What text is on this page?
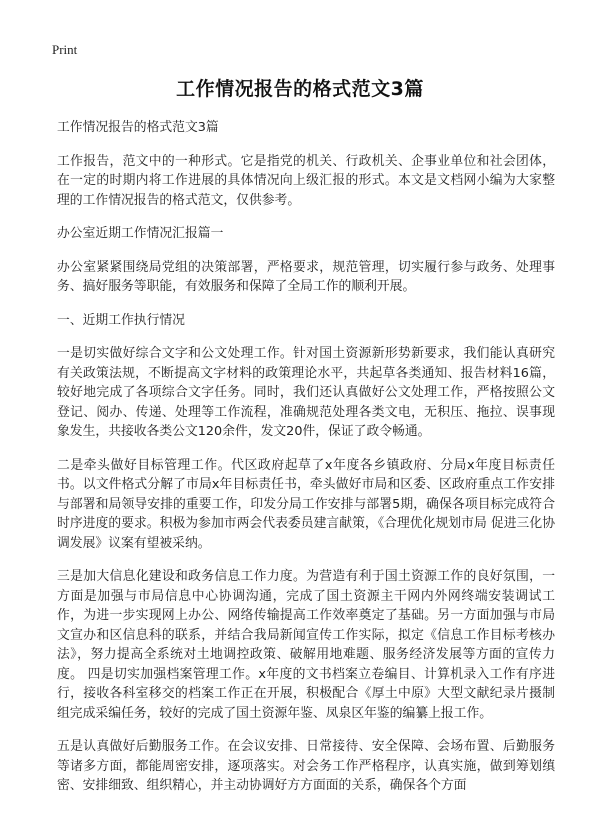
Print
工作情况报告的格式范文3篇

工作情况报告的格式范文3篇

工作报告，范文中的一种形式。它是指党的机关、行政机关、企事业单位和社会团体，在一定的时期内将工作进展的具体情况向上级汇报的形式。本文是文档网小编为大家整理的工作情况报告的格式范文，仅供参考。

办公室近期工作情况汇报篇一

办公室紧紧围绕局党组的决策部署，严格要求，规范管理，切实履行参与政务、处理事务、搞好服务等职能，有效服务和保障了全局工作的顺利开展。

一、近期工作执行情况

一是切实做好综合文字和公文处理工作。针对国土资源新形势新要求，我们能认真研究有关政策法规，不断提高文字材料的政策理论水平，共起草各类通知、报告材料16篇，较好地完成了各项综合文字任务。同时，我们还认真做好公文处理工作，严格按照公文登记、阅办、传递、处理等工作流程，准确规范处理各类文电，无积压、拖拉、误事现象发生，共接收各类公文120余件，发文20件，保证了政令畅通。

二是牵头做好目标管理工作。代区政府起草了x年度各乡镇政府、分局x年度目标责任书。以文件格式分解了市局x年目标责任书，牵头做好市局和区委、区政府重点工作安排与部署和局领导安排的重要工作，印发分局工作安排与部署5期，确保各项目标完成符合时序进度的要求。积极为参加市两会代表委员建言献策，《合理优化规划市局 促进三化协调发展》议案有望被采纳。

三是加大信息化建设和政务信息工作力度。为营造有利于国土资源工作的良好氛围，一方面是加强与市局信息中心协调沟通，完成了国土资源主干网内外网终端安装调试工作，为进一步实现网上办公、网络传输提高工作效率奠定了基础。另一方面加强与市局文宣办和区信息科的联系，并结合我局新闻宣传工作实际，拟定《信息工作目标考核办法》，努力提高全系统对土地调控政策、破解用地难题、服务经济发展等方面的宣传力度。 四是切实加强档案管理工作。x年度的文书档案立卷编目、计算机录入工作有序进行，接收各科室移交的档案工作正在开展，积极配合《厚土中原》大型文献纪录片摄制组完成采编任务，较好的完成了国土资源年鉴、凤泉区年鉴的编纂上报工作。

五是认真做好后勤服务工作。在会议安排、日常接待、安全保障、会场布置、后勤服务等诸多方面，都能周密安排，逐项落实。对会务工作严格程序，认真实施，做到筹划缜密、安排细致、组织精心，并主动协调好方方面面的关系，确保各个方面
